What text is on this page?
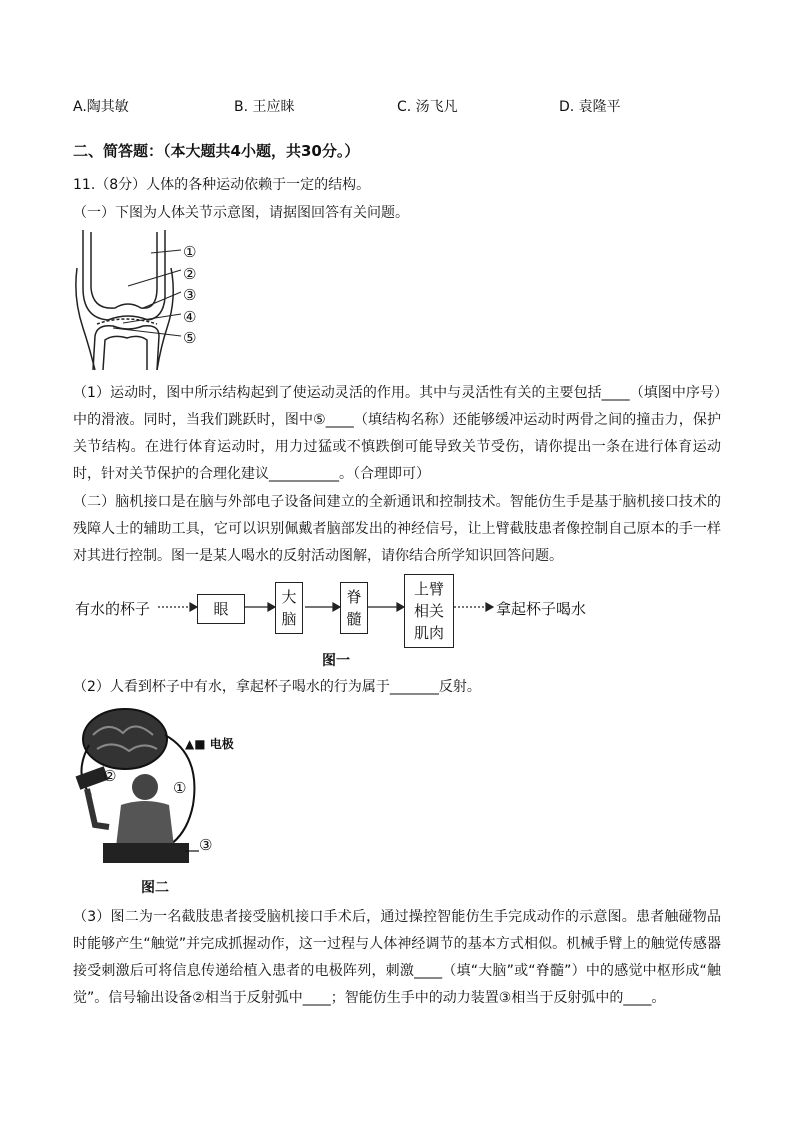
A.陶其敏	B. 王应睐	C. 汤飞凡	D. 袁隆平
二、简答题：（本大题共4小题，共30分。）
11.（8分）人体的各种运动依赖于一定的结构。
（一）下图为人体关节示意图，请据图回答有关问题。
①
②
③
④
⑤
（1）运动时，图中所示结构起到了使运动灵活的作用。其中与灵活性有关的主要包括____（填图中序号）中的滑液。同时，当我们跳跃时，图中⑤____（填结构名称）还能够缓冲运动时两骨之间的撞击力，保护关节结构。在进行体育运动时，用力过猛或不慎跌倒可能导致关节受伤，请你提出一条在进行体育运动时，针对关节保护的合理化建议__________。（合理即可）
（二）脑机接口是在脑与外部电子设备间建立的全新通讯和控制技术。智能仿生手是基于脑机接口技术的残障人士的辅助工具，它可以识别佩戴者脑部发出的神经信号，让上臂截肢患者像控制自己原本的手一样对其进行控制。图一是某人喝水的反射活动图解，请你结合所学知识回答问题。
有水的杯子	眼
大脑
脊髓
上臂相关肌肉
拿起杯子喝水
图一
（2）人看到杯子中有水，拿起杯子喝水的行为属于_______反射。
▲■ 电极
①
②
③
图二
（3）图二为一名截肢患者接受脑机接口手术后，通过操控智能仿生手完成动作的示意图。患者触碰物品时能够产生“触觉”并完成抓握动作，这一过程与人体神经调节的基本方式相似。机械手臂上的触觉传感器接受刺激后可将信息传递给植入患者的电极阵列，刺激____（填“大脑”或“脊髓”）中的感觉中枢形成“触觉”。信号输出设备②相当于反射弧中____；智能仿生手中的动力装置③相当于反射弧中的____。
